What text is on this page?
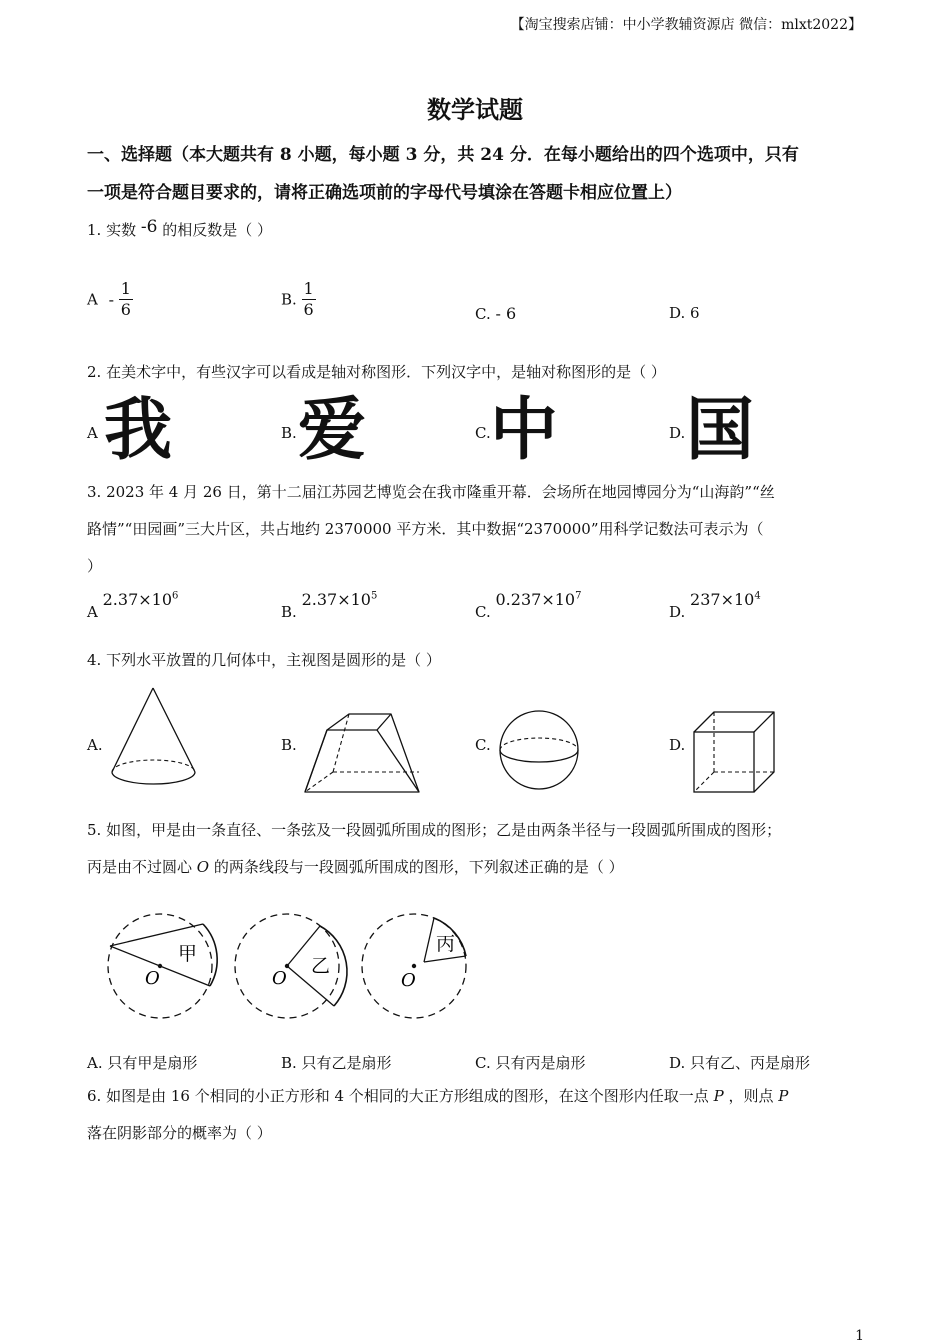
【淘宝搜索店铺：中小学教辅资源店 微信：mlxt2022】
数学试题
一、选择题（本大题共有 8 小题，每小题 3 分，共 24 分．在每小题给出的四个选项中，只有
一项是符合题目要求的，请将正确选项前的字母代号填涂在答题卡相应位置上）
1. 实数 -6 的相反数是（ ）
A - $\frac{1}{6}$	B. $\frac{1}{6}$	C. - 6	D. 6
2. 在美术字中，有些汉字可以看成是轴对称图形．下列汉字中，是轴对称图形的是（ ）
A 我	B. 爱	C. 中	D. 国
3. 2023 年 4 月 26 日，第十二届江苏园艺博览会在我市隆重开幕．会场所在地园博园分为“山海韵”“丝
路情”“田园画”三大片区，共占地约 2370000 平方米．其中数据“2370000”用科学记数法可表示为（
）
A $2.37\times 10^6$
B. $2.37\times 10^5$
C. $0.237\times 10^7$
D. $237\times 10^4$
4. 下列水平放置的几何体中，主视图是圆形的是（ ）
A.	B.	C.	D.
5. 如图，甲是由一条直径、一条弦及一段圆弧所围成的图形；乙是由两条半径与一段圆弧所围成的图形；
丙是由不过圆心 O 的两条线段与一段圆弧所围成的图形，下列叙述正确的是（ ）
O
甲
O
乙
O
丙
A. 只有甲是扇形	B. 只有乙是扇形	C. 只有丙是扇形	D. 只有乙、丙是扇形
6. 如图是由 16 个相同的小正方形和 4 个相同的大正方形组成的图形，在这个图形内任取一点 P ，则点 P
落在阴影部分的概率为（ ）
1
